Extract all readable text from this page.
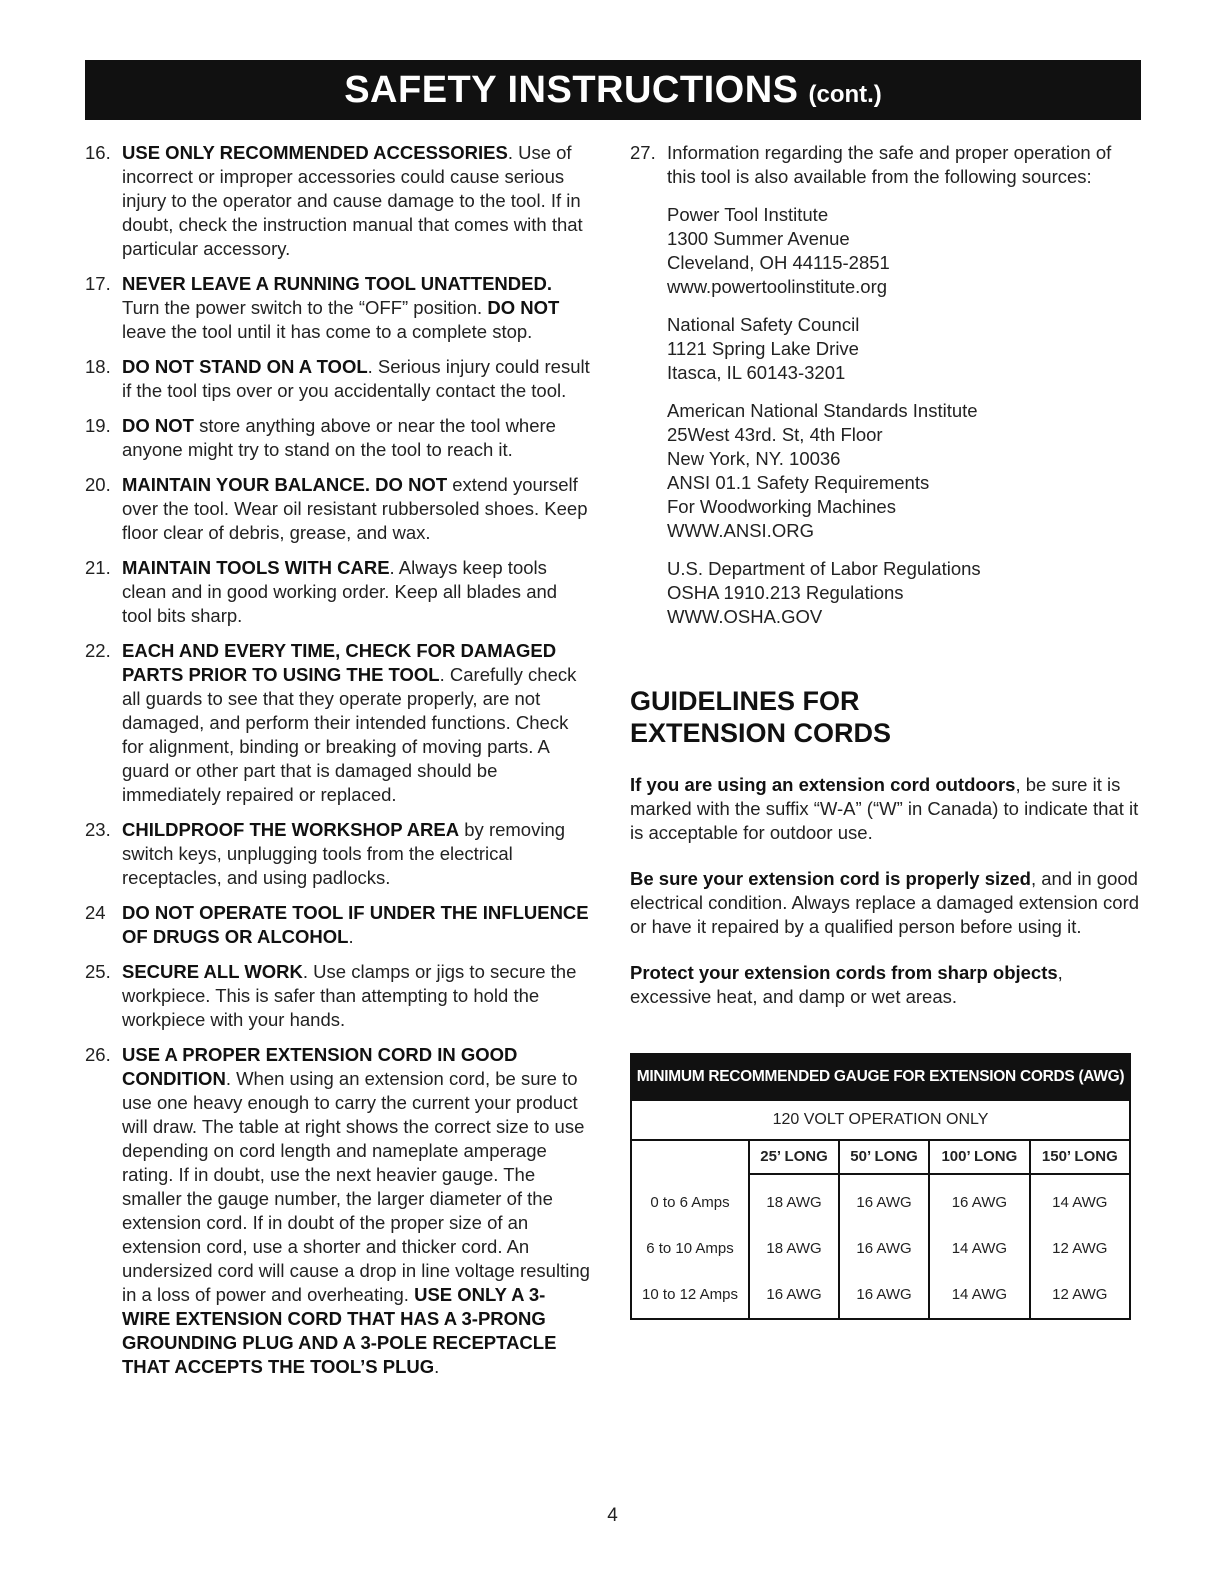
SAFETY INSTRUCTIONS (cont.)
16. USE ONLY RECOMMENDED ACCESSORIES. Use of incorrect or improper accessories could cause serious injury to the operator and cause damage to the tool. If in doubt, check the instruction manual that comes with that particular accessory.
17. NEVER LEAVE A RUNNING TOOL UNATTENDED. Turn the power switch to the “OFF” position. DO NOT leave the tool until it has come to a complete stop.
18. DO NOT STAND ON A TOOL. Serious injury could result if the tool tips over or you accidentally contact the tool.
19. DO NOT store anything above or near the tool where anyone might try to stand on the tool to reach it.
20. MAINTAIN YOUR BALANCE. DO NOT extend yourself over the tool. Wear oil resistant rubbersoled shoes. Keep floor clear of debris, grease, and wax.
21. MAINTAIN TOOLS WITH CARE. Always keep tools clean and in good working order. Keep all blades and tool bits sharp.
22. EACH AND EVERY TIME, CHECK FOR DAMAGED PARTS PRIOR TO USING THE TOOL. Carefully check all guards to see that they operate properly, are not damaged, and perform their intended functions. Check for alignment, binding or breaking of moving parts. A guard or other part that is damaged should be immediately repaired or replaced.
23. CHILDPROOF THE WORKSHOP AREA by removing switch keys, unplugging tools from the electrical receptacles, and using padlocks.
24 DO NOT OPERATE TOOL IF UNDER THE INFLUENCE OF DRUGS OR ALCOHOL.
25. SECURE ALL WORK. Use clamps or jigs to secure the workpiece. This is safer than attempting to hold the workpiece with your hands.
26. USE A PROPER EXTENSION CORD IN GOOD CONDITION. When using an extension cord, be sure to use one heavy enough to carry the current your product will draw. The table at right shows the correct size to use depending on cord length and nameplate amperage rating. If in doubt, use the next heavier gauge. The smaller the gauge number, the larger diameter of the extension cord. If in doubt of the proper size of an extension cord, use a shorter and thicker cord. An undersized cord will cause a drop in line voltage resulting in a loss of power and overheating. USE ONLY A 3-WIRE EXTENSION CORD THAT HAS A 3-PRONG GROUNDING PLUG AND A 3-POLE RECEPTACLE THAT ACCEPTS THE TOOL’S PLUG.
27. Information regarding the safe and proper operation of this tool is also available from the following sources:
Power Tool Institute
1300 Summer Avenue
Cleveland, OH 44115-2851
www.powertoolinstitute.org
National Safety Council
1121 Spring Lake Drive
Itasca, IL 60143-3201
American National Standards Institute
25West 43rd. St, 4th Floor
New York, NY. 10036
ANSI 01.1 Safety Requirements
For Woodworking Machines
WWW.ANSI.ORG
U.S. Department of Labor Regulations
OSHA 1910.213 Regulations
WWW.OSHA.GOV
GUIDELINES FOR
EXTENSION CORDS
If you are using an extension cord outdoors, be sure it is marked with the suffix “W-A” (“W” in Canada) to indicate that it is acceptable for outdoor use.
Be sure your extension cord is properly sized, and in good electrical condition. Always replace a damaged extension cord or have it repaired by a qualified person before using it.
Protect your extension cords from sharp objects, excessive heat, and damp or wet areas.
MINIMUM RECOMMENDED GAUGE FOR EXTENSION CORDS (AWG)
120 VOLT OPERATION ONLY
	25’ LONG	50’ LONG	100’ LONG	150’ LONG
0 to 6 Amps	18 AWG	16 AWG	16 AWG	14 AWG
6 to 10 Amps	18 AWG	16 AWG	14 AWG	12 AWG
10 to 12 Amps	16 AWG	16 AWG	14 AWG	12 AWG
4
